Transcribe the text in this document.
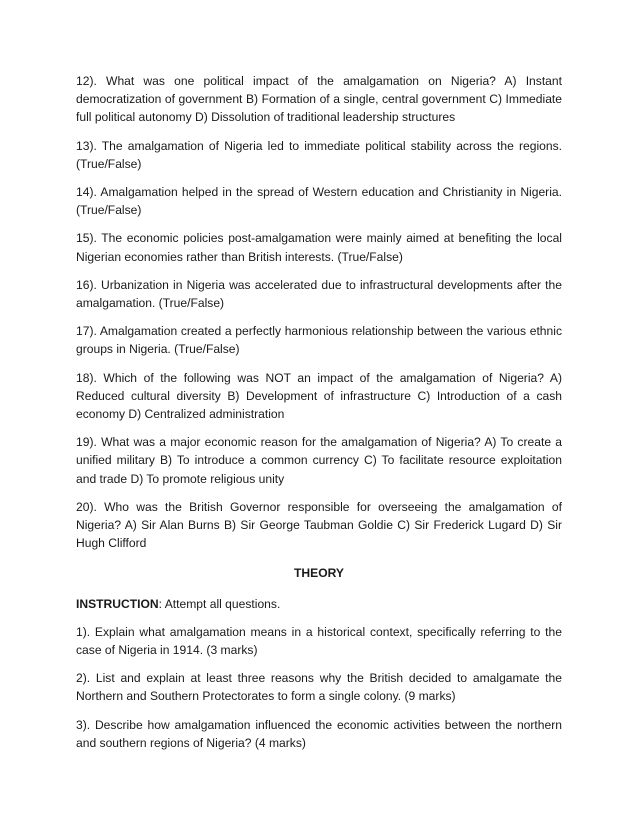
12). What was one political impact of the amalgamation on Nigeria? A) Instant democratization of government B) Formation of a single, central government C) Immediate full political autonomy D) Dissolution of traditional leadership structures

13). The amalgamation of Nigeria led to immediate political stability across the regions. (True/False)

14). Amalgamation helped in the spread of Western education and Christianity in Nigeria. (True/False)

15). The economic policies post-amalgamation were mainly aimed at benefiting the local Nigerian economies rather than British interests. (True/False)

16). Urbanization in Nigeria was accelerated due to infrastructural developments after the amalgamation. (True/False)

17). Amalgamation created a perfectly harmonious relationship between the various ethnic groups in Nigeria. (True/False)

18). Which of the following was NOT an impact of the amalgamation of Nigeria? A) Reduced cultural diversity B) Development of infrastructure C) Introduction of a cash economy D) Centralized administration

19). What was a major economic reason for the amalgamation of Nigeria? A) To create a unified military B) To introduce a common currency C) To facilitate resource exploitation and trade D) To promote religious unity

20). Who was the British Governor responsible for overseeing the amalgamation of Nigeria? A) Sir Alan Burns B) Sir George Taubman Goldie C) Sir Frederick Lugard D) Sir Hugh Clifford

THEORY

INSTRUCTION: Attempt all questions.

1). Explain what amalgamation means in a historical context, specifically referring to the case of Nigeria in 1914. (3 marks)

2). List and explain at least three reasons why the British decided to amalgamate the Northern and Southern Protectorates to form a single colony. (9 marks)

3). Describe how amalgamation influenced the economic activities between the northern and southern regions of Nigeria? (4 marks)
